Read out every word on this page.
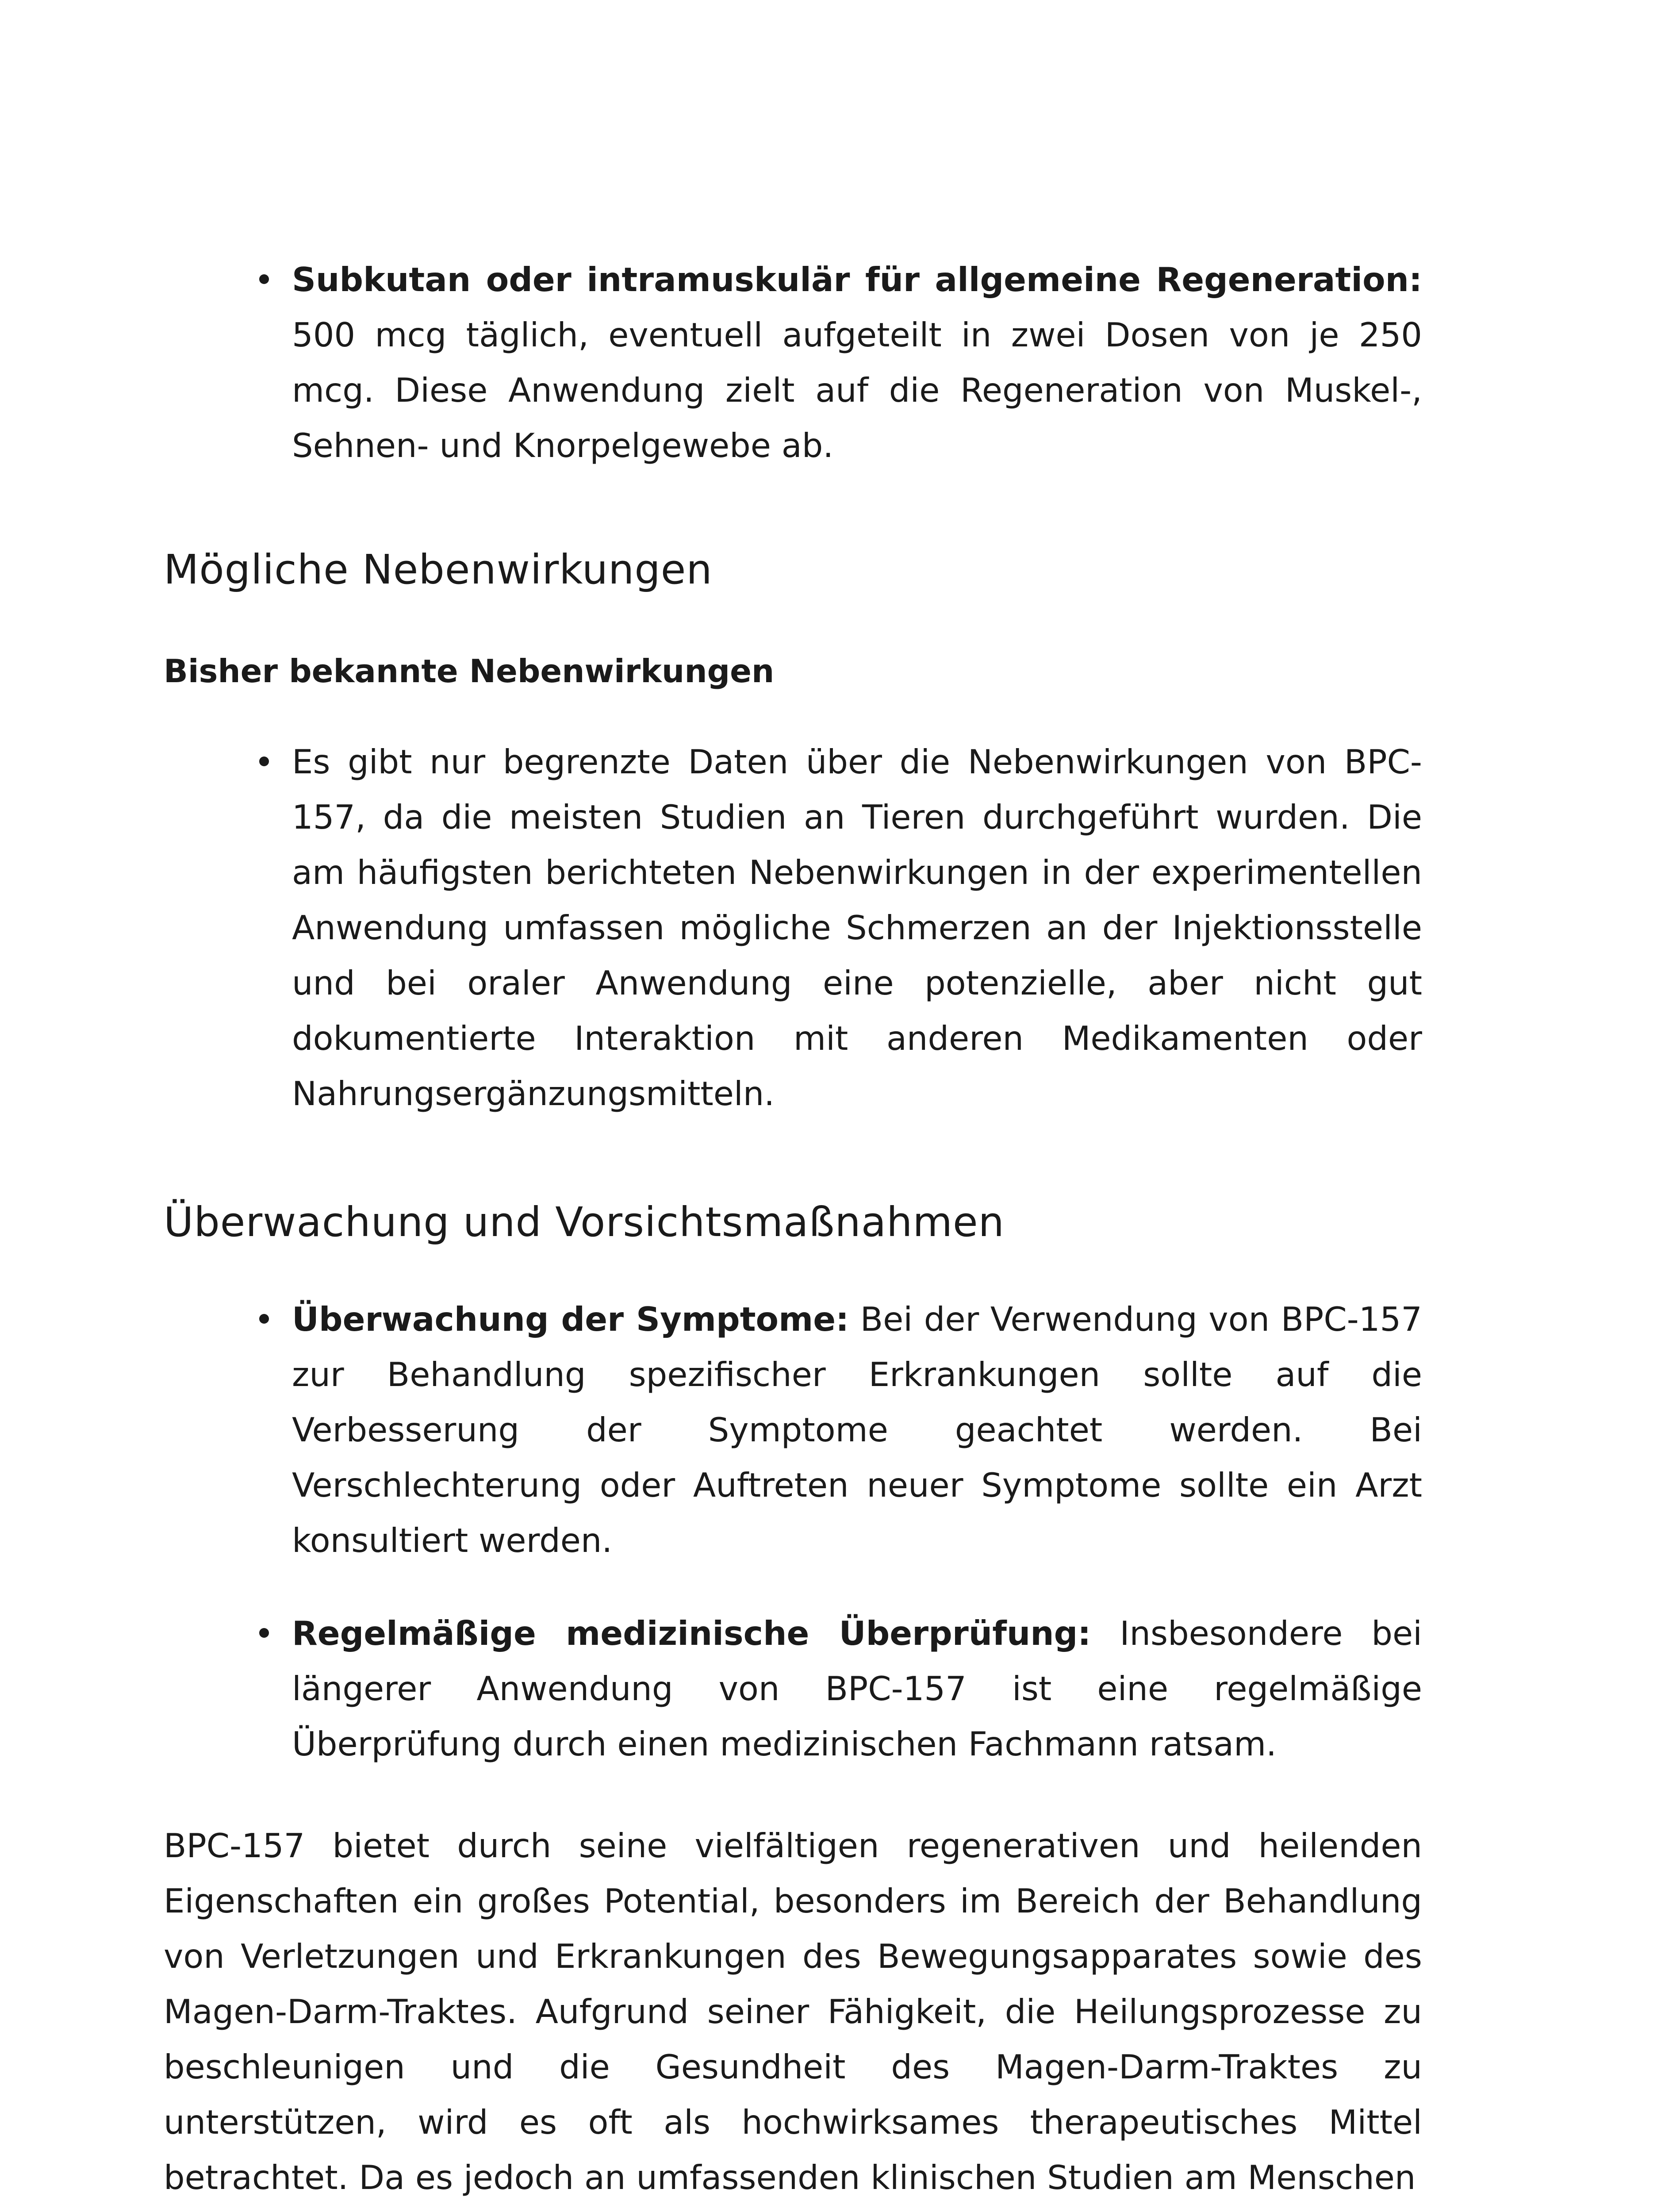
Subkutan oder intramuskulär für allgemeine Regeneration: 500 mcg täglich, eventuell aufgeteilt in zwei Dosen von je 250 mcg. Diese Anwendung zielt auf die Regeneration von Muskel-, Sehnen- und Knorpelgewebe ab.
Mögliche Nebenwirkungen
Bisher bekannte Nebenwirkungen
Es gibt nur begrenzte Daten über die Nebenwirkungen von BPC-157, da die meisten Studien an Tieren durchgeführt wurden. Die am häufigsten berichteten Nebenwirkungen in der experimentellen Anwendung umfassen mögliche Schmerzen an der Injektionsstelle und bei oraler Anwendung eine potenzielle, aber nicht gut dokumentierte Interaktion mit anderen Medikamenten oder Nahrungsergänzungsmitteln.
Überwachung und Vorsichtsmaßnahmen
Überwachung der Symptome: Bei der Verwendung von BPC-157 zur Behandlung spezifischer Erkrankungen sollte auf die Verbesserung der Symptome geachtet werden. Bei Verschlechterung oder Auftreten neuer Symptome sollte ein Arzt konsultiert werden.
Regelmäßige medizinische Überprüfung: Insbesondere bei längerer Anwendung von BPC-157 ist eine regelmäßige Überprüfung durch einen medizinischen Fachmann ratsam.

BPC-157 bietet durch seine vielfältigen regenerativen und heilenden Eigenschaften ein großes Potential, besonders im Bereich der Behandlung von Verletzungen und Erkrankungen des Bewegungsapparates sowie des Magen-Darm-Traktes. Aufgrund seiner Fähigkeit, die Heilungsprozesse zu beschleunigen und die Gesundheit des Magen-Darm-Traktes zu unterstützen, wird es oft als hochwirksames therapeutisches Mittel betrachtet. Da es jedoch an umfassenden klinischen Studien am Menschen
